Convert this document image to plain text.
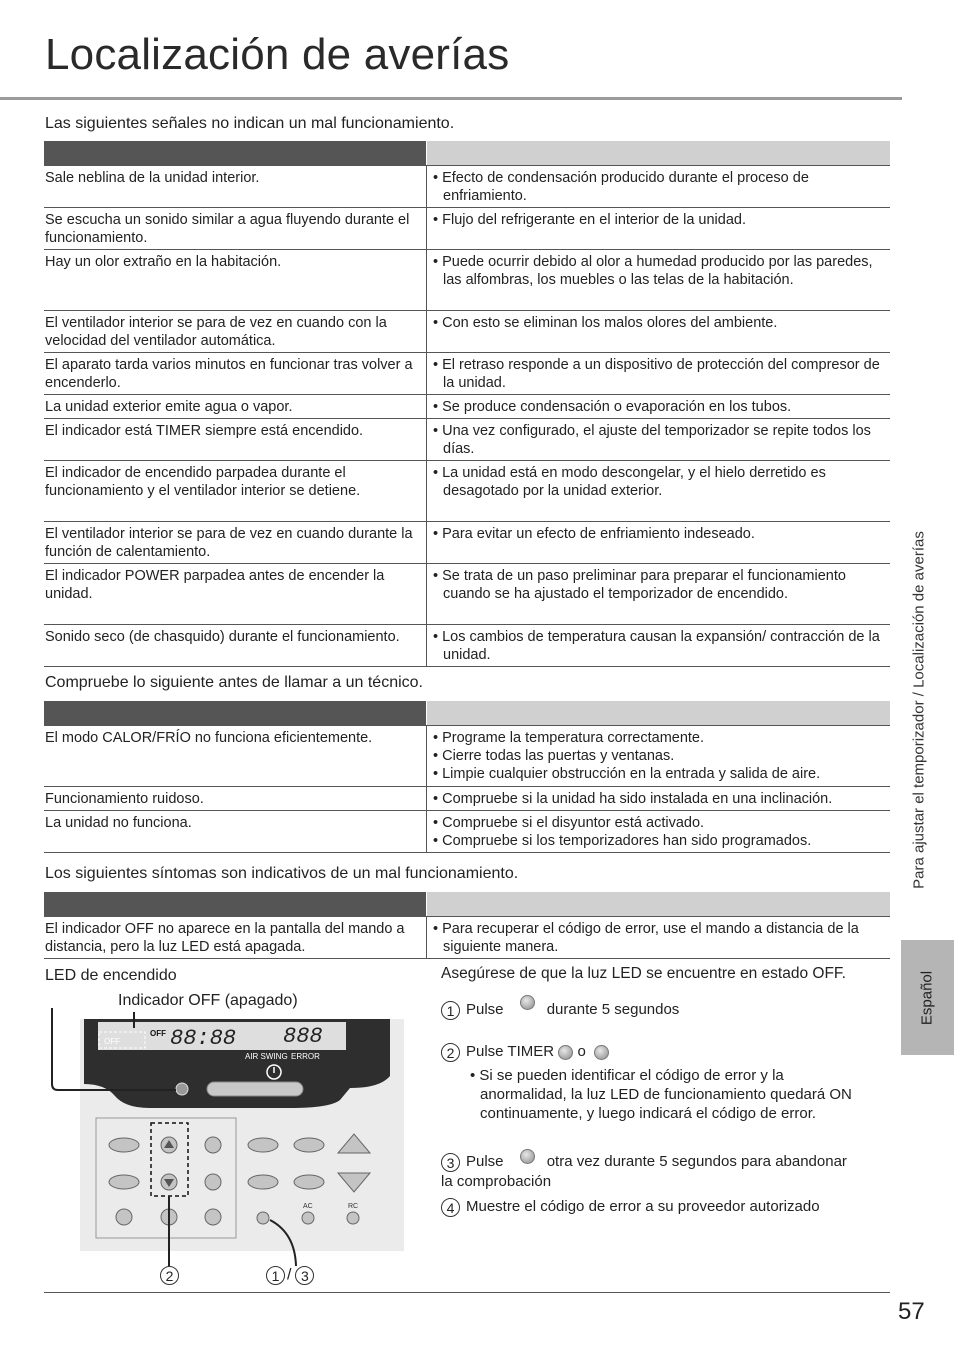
Localización de averías
Las siguientes señales no indican un mal funcionamiento.

Sale neblina de la unidad interior.	• Efecto de condensación producido durante el proceso de enfriamiento.

Se escucha un sonido similar a agua fluyendo durante el funcionamiento.	• Flujo del refrigerante en el interior de la unidad.

Hay un olor extraño en la habitación.	• Puede ocurrir debido al olor a humedad producido por las paredes, las alfombras, los muebles o las telas de la habitación.

El ventilador interior se para de vez en cuando con la velocidad del ventilador automática.	• Con esto se eliminan los malos olores del ambiente.

El aparato tarda varios minutos en funcionar tras volver a encenderlo.	• El retraso responde a un dispositivo de protección del compresor de la unidad.

La unidad exterior emite agua o vapor.	• Se produce condensación o evaporación en los tubos.

El indicador está TIMER siempre está encendido.	• Una vez configurado, el ajuste del temporizador se repite todos los días.

El indicador de encendido parpadea durante el funcionamiento y el ventilador interior se detiene.	• La unidad está en modo descongelar, y el hielo derretido es desagotado por la unidad exterior.

El ventilador interior se para de vez en cuando durante la función de calentamiento.	• Para evitar un efecto de enfriamiento indeseado.

El indicador POWER parpadea antes de encender la unidad.	• Se trata de un paso preliminar para preparar el funcionamiento cuando se ha ajustado el temporizador de encendido.

Sonido seco (de chasquido) durante el funcionamiento.	• Los cambios de temperatura causan la expansión/ contracción de la unidad.
Compruebe lo siguiente antes de llamar a un técnico.

El modo CALOR/FRÍO no funciona eficientemente.	• Programe la temperatura correctamente.
• Cierre todas las puertas y ventanas.
• Limpie cualquier obstrucción en la entrada y salida de aire.

Funcionamiento ruidoso.	• Compruebe si la unidad ha sido instalada en una inclinación.

La unidad no funciona.	• Compruebe si el disyuntor está activado.
• Compruebe si los temporizadores han sido programados.
Los siguientes síntomas son indicativos de un mal funcionamiento.

El indicador OFF no aparece en la pantalla del mando a distancia, pero la luz LED está apagada.	• Para recuperar el código de error, use el mando a distancia de la siguiente manera.
LED de encendido
Indicador OFF (apagado)
OFF 88:88 888
OFF
AIR SWING ERROR
AC	RC
2	1 / 3
Asegúrese de que la luz LED se encuentre en estado OFF.
1 Pulse	durante 5 segundos
2 Pulse TIMER o
• Si se pueden identificar el código de error y la anormalidad, la luz LED de funcionamiento quedará ON continuamente, y luego indicará el código de error.
3 Pulse	otra vez durante 5 segundos para abandonar la comprobación
4 Muestre el código de error a su proveedor autorizado
Para ajustar el temporizador / Localización de averías
Español
57
